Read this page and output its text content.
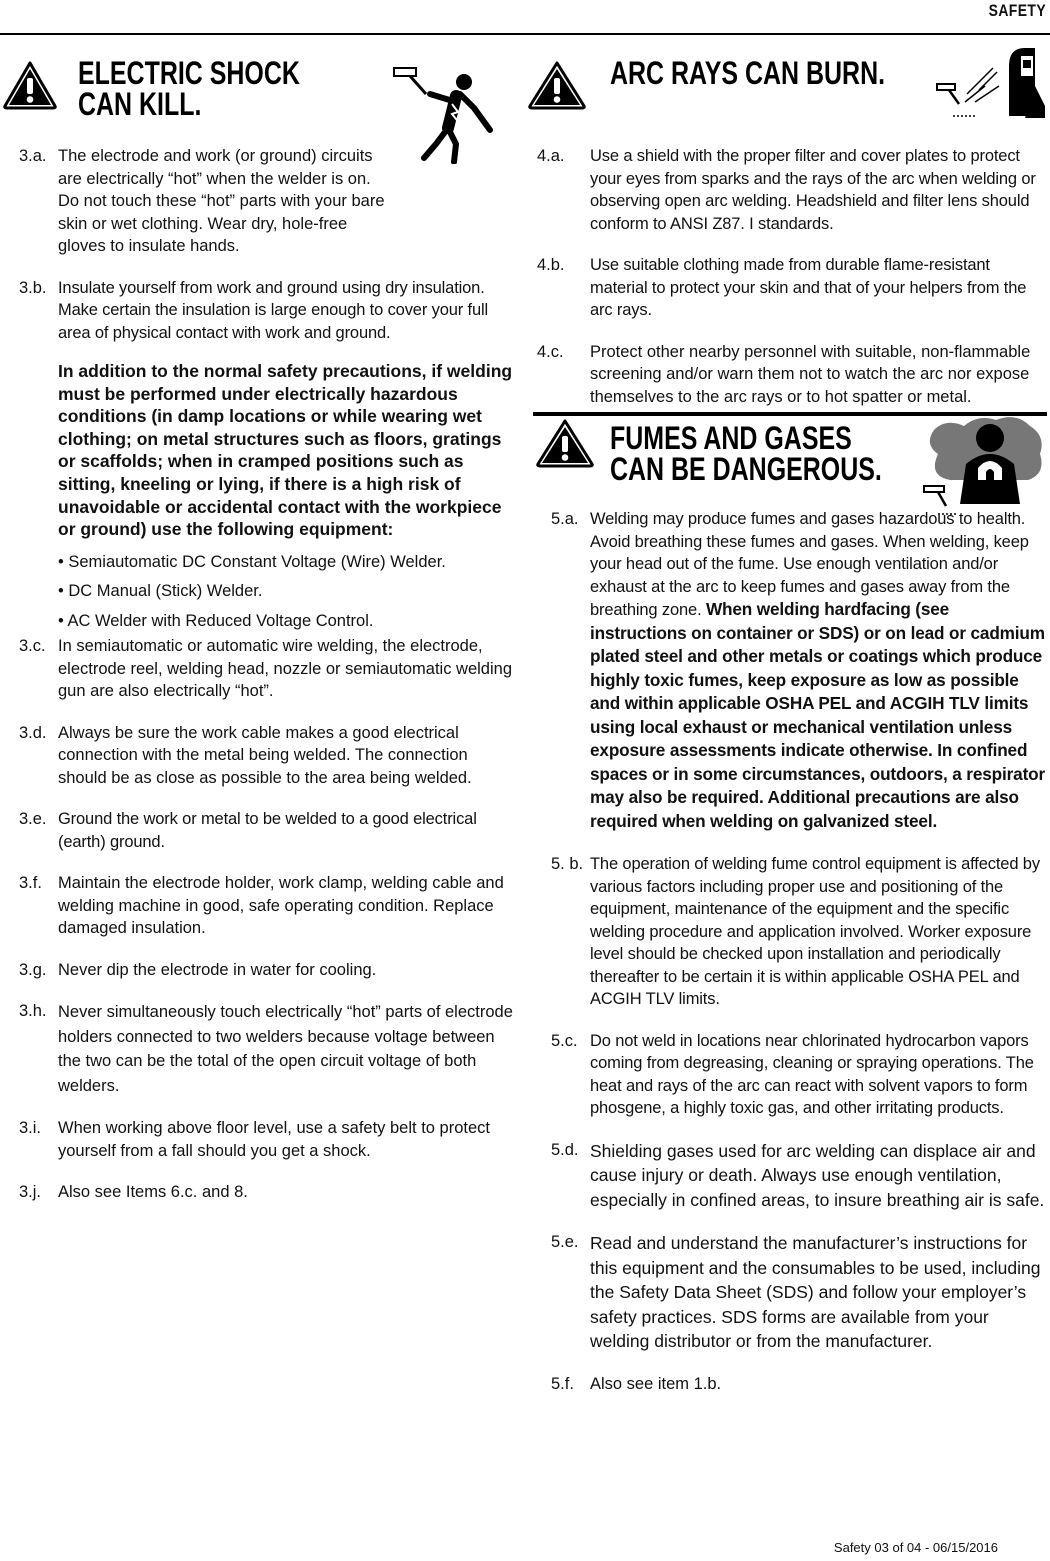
SAFETY
ELECTRIC SHOCK
CAN KILL.
3.a. The electrode and work (or ground) circuits are electrically “hot” when the welder is on. Do not touch these “hot” parts with your bare skin or wet clothing. Wear dry, hole-free gloves to insulate hands.
3.b. Insulate yourself from work and ground using dry insulation. Make certain the insulation is large enough to cover your full area of physical contact with work and ground.
In addition to the normal safety precautions, if welding must be performed under electrically hazardous conditions (in damp locations or while wearing wet clothing; on metal structures such as floors, gratings or scaffolds; when in cramped positions such as sitting, kneeling or lying, if there is a high risk of unavoidable or accidental contact with the workpiece or ground) use the following equipment:
• Semiautomatic DC Constant Voltage (Wire) Welder.
• DC Manual (Stick) Welder.
• AC Welder with Reduced Voltage Control.
3.c. In semiautomatic or automatic wire welding, the electrode, electrode reel, welding head, nozzle or semiautomatic welding gun are also electrically “hot”.
3.d. Always be sure the work cable makes a good electrical connection with the metal being welded. The connection should be as close as possible to the area being welded.
3.e. Ground the work or metal to be welded to a good electrical (earth) ground.
3.f. Maintain the electrode holder, work clamp, welding cable and welding machine in good, safe operating condition. Replace damaged insulation.
3.g. Never dip the electrode in water for cooling.
3.h. Never simultaneously touch electrically “hot” parts of electrode holders connected to two welders because voltage between the two can be the total of the open circuit voltage of both welders.
3.i.	When working above floor level, use a safety belt to protect yourself from a fall should you get a shock.
3.j.	Also see Items 6.c. and 8.
ARC RAYS CAN BURN.
4.a.	Use a shield with the proper filter and cover plates to protect your eyes from sparks and the rays of the arc when welding or observing open arc welding. Headshield and filter lens should conform to ANSI Z87. I standards.
4.b.	Use suitable clothing made from durable flame-resistant material to protect your skin and that of your helpers from the arc rays.
4.c.	Protect other nearby personnel with suitable, non-flammable screening and/or warn them not to watch the arc nor expose themselves to the arc rays or to hot spatter or metal.
FUMES AND GASES
CAN BE DANGEROUS.
5.a. Welding may produce fumes and gases hazardous to health. Avoid breathing these fumes and gases. When welding, keep your head out of the fume. Use enough ventilation and/or exhaust at the arc to keep fumes and gases away from the breathing zone. When welding hardfacing (see instructions on container or SDS) or on lead or cadmium plated steel and other metals or coatings which produce highly toxic fumes, keep exposure as low as possible and within applicable OSHA PEL and ACGIH TLV limits using local exhaust or mechanical ventilation unless exposure assessments indicate otherwise. In confined spaces or in some circumstances, outdoors, a respirator may also be required. Additional precautions are also required when welding on galvanized steel.
5. b. The operation of welding fume control equipment is affected by various factors including proper use and positioning of the equipment, maintenance of the equipment and the specific welding procedure and application involved. Worker exposure level should be checked upon installation and periodically thereafter to be certain it is within applicable OSHA PEL and ACGIH TLV limits.
5.c. Do not weld in locations near chlorinated hydrocarbon vapors coming from degreasing, cleaning or spraying operations. The heat and rays of the arc can react with solvent vapors to form phosgene, a highly toxic gas, and other irritating products.
5.d. Shielding gases used for arc welding can displace air and cause injury or death. Always use enough ventilation, especially in confined areas, to insure breathing air is safe.
5.e. Read and understand the manufacturer’s instructions for this equipment and the consumables to be used, including the Safety Data Sheet (SDS) and follow your employer’s safety practices. SDS forms are available from your welding distributor or from the manufacturer.
5.f. Also see item 1.b.
Safety 03 of 04 - 06/15/2016
